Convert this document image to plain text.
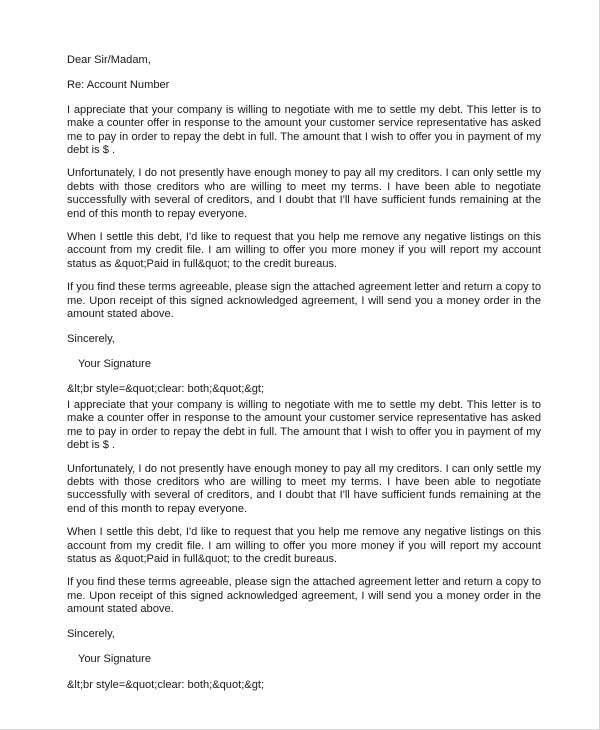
Dear Sir/Madam,

Re: Account Number

I appreciate that your company is willing to negotiate with me to settle my debt. This letter is to make a counter offer in response to the amount your customer service representative has asked me to pay in order to repay the debt in full. The amount that I wish to offer you in payment of my debt is $ .

Unfortunately, I do not presently have enough money to pay all my creditors. I can only settle my debts with those creditors who are willing to meet my terms. I have been able to negotiate successfully with several of creditors, and I doubt that I'll have sufficient funds remaining at the end of this month to repay everyone.

When I settle this debt, I'd like to request that you help me remove any negative listings on this account from my credit file. I am willing to offer you more money if you will report my account status as &quot;Paid in full&quot; to the credit bureaus.

If you find these terms agreeable, please sign the attached agreement letter and return a copy to me. Upon receipt of this signed acknowledged agreement, I will send you a money order in the amount stated above.

Sincerely,

Your Signature

&lt;br style=&quot;clear: both;&quot;&gt;

I appreciate that your company is willing to negotiate with me to settle my debt. This letter is to make a counter offer in response to the amount your customer service representative has asked me to pay in order to repay the debt in full. The amount that I wish to offer you in payment of my debt is $ .

Unfortunately, I do not presently have enough money to pay all my creditors. I can only settle my debts with those creditors who are willing to meet my terms. I have been able to negotiate successfully with several of creditors, and I doubt that I'll have sufficient funds remaining at the end of this month to repay everyone.

When I settle this debt, I'd like to request that you help me remove any negative listings on this account from my credit file. I am willing to offer you more money if you will report my account status as &quot;Paid in full&quot; to the credit bureaus.

If you find these terms agreeable, please sign the attached agreement letter and return a copy to me. Upon receipt of this signed acknowledged agreement, I will send you a money order in the amount stated above.

Sincerely,

Your Signature

&lt;br style=&quot;clear: both;&quot;&gt;
